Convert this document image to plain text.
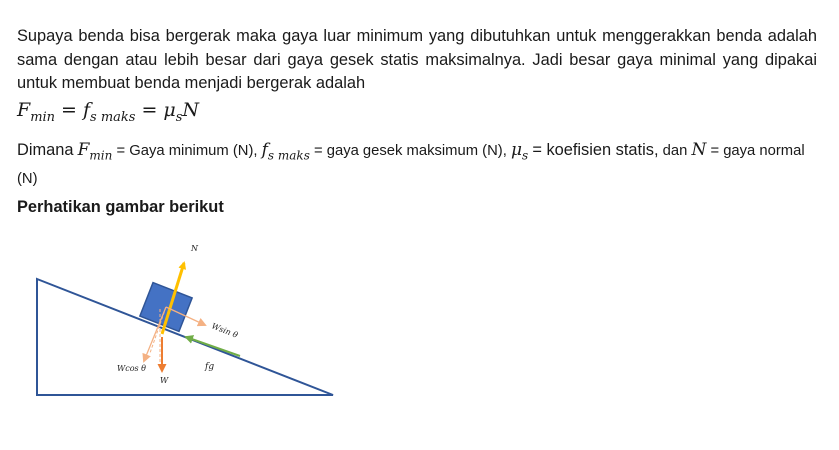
Supaya benda bisa bergerak maka gaya luar minimum yang dibutuhkan untuk menggerakkan benda adalah sama dengan atau lebih besar dari gaya gesek statis maksimalnya. Jadi besar gaya minimal yang dipakai untuk membuat benda menjadi bergerak adalah

$F_{min} = f_{s maks} = \mu_sN$
Dimana $F_{min}$ = Gaya minimum (N), $f_{s maks}$ = gaya gesek maksimum (N), $\mu_s$ = koefisien statis, dan N = gaya normal (N)
Perhatikan gambar berikut
N
Wsin θ
Wcos θ
W
fg
